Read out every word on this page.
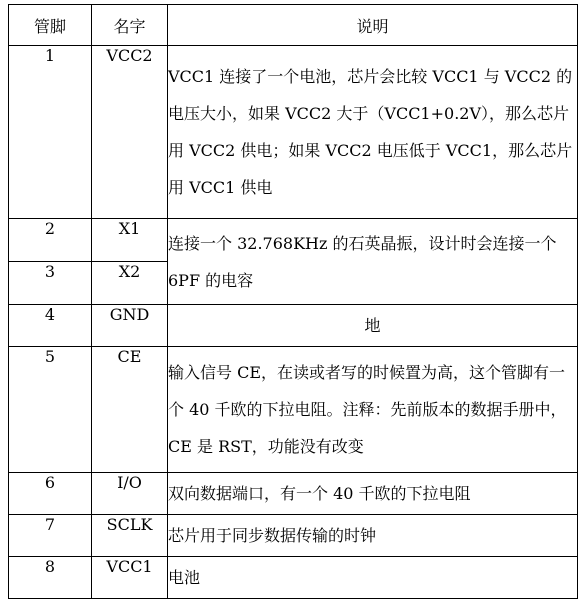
管脚	名字	说明
1	VCC2	VCC1 连接了一个电池，芯片会比较 VCC1 与 VCC2 的电压大小，如果 VCC2 大于（VCC1+0.2V），那么芯片用 VCC2 供电；如果 VCC2 电压低于 VCC1，那么芯片用 VCC1 供电
2	X1	连接一个 32.768KHz 的石英晶振，设计时会连接一个 6PF 的电容
3	X2	
4	GND	地
5	CE	输入信号 CE，在读或者写的时候置为高，这个管脚有一个 40 千欧的下拉电阻。注释：先前版本的数据手册中，CE 是 RST，功能没有改变
6	I/O	双向数据端口，有一个 40 千欧的下拉电阻
7	SCLK	芯片用于同步数据传输的时钟
8	VCC1	电池
